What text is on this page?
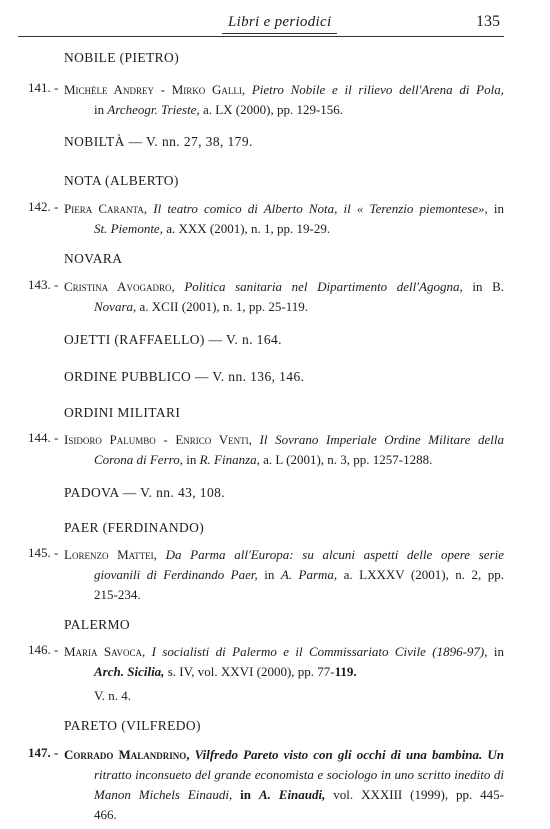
Libri e periodici	135
NOBILE (PIETRO)
141. - Michèle Andrey - Mirko Galli, Pietro Nobile e il rilievo dell'Arena di Pola,
in Archeogr. Trieste, a. LX (2000), pp. 129-156.
NOBILTÀ — V. nn. 27, 38, 179.
NOTA (ALBERTO)
142. - Piera Caranta, Il teatro comico di Alberto Nota, il « Terenzio piemontese», in
St. Piemonte, a. XXX (2001), n. 1, pp. 19-29.
NOVARA
143. - Cristina Avogadro, Politica sanitaria nel Dipartimento dell'Agogna, in B.
Novara, a. XCII (2001), n. 1, pp. 25-119.
OJETTI (RAFFAELLO) — V. n. 164.
ORDINE PUBBLICO — V. nn. 136, 146.
ORDINI MILITARI
144. - Isidoro Palumbo - Enrico Venti, Il Sovrano Imperiale Ordine Militare della
Corona di Ferro, in R. Finanza, a. L (2001), n. 3, pp. 1257-1288.
PADOVA — V. nn. 43, 108.
PAER (FERDINANDO)
145. - Lorenzo Mattei, Da Parma all'Europa: su alcuni aspetti delle opere serie
giovanili di Ferdinando Paer, in A. Parma, a. LXXXV (2001), n. 2, pp.
215-234.
PALERMO
146. - Maria Savoca, I socialisti di Palermo e il Commissariato Civile (1896-97), in
Arch. Sicilia, s. IV, vol. XXVI (2000), pp. 77-119.
V. n. 4.
PARETO (VILFREDO)
147. - Corrado Malandrino, Vilfredo Pareto visto con gli occhi di una bambina. Un
ritratto inconsueto del grande economista e sociologo in uno scritto inedito di
Manon Michels Einaudi, in A. Einaudi, vol. XXXIII (1999), pp. 445-
466.
